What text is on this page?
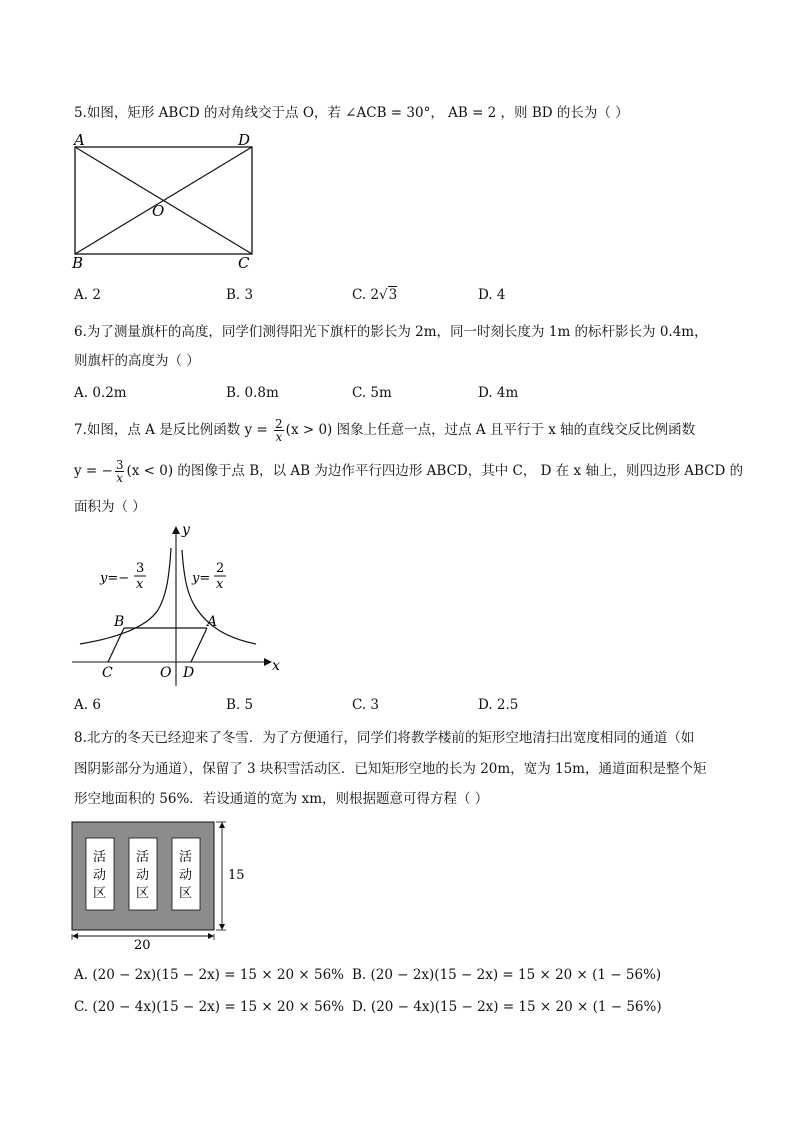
5.如图，矩形 ABCD 的对角线交于点 O，若 ∠ACB = 30°， AB = 2 ，则 BD 的长为（ ）
A	D
B	C
O
A. 2	B. 3	C. 2√3	D. 4
6.为了测量旗杆的高度，同学们测得阳光下旗杆的影长为 2m，同一时刻长度为 1m 的标杆影长为 0.4m，
则旗杆的高度为（ ）
A. 0.2m	B. 0.8m	C. 5m	D. 4m
7.如图，点 A 是反比例函数 $y = \frac{2}{x} (x > 0)$ 图象上任意一点，过点 A 且平行于 x 轴的直线交反比例函数
y = − $\frac{3}{x} (x < 0)$ 的图像于点 B，以 AB 为边作平行四边形 ABCD，其中 C， D 在 x 轴上，则四边形 ABCD 的
面积为（ ）
y
x
B	A
C	O D
y=−
3
x	y=
2
x
A. 6	B. 5	C. 3	D. 2.5
8.北方的冬天已经迎来了冬雪．为了方便通行，同学们将教学楼前的矩形空地清扫出宽度相同的通道（如
图阴影部分为通道），保留了 3 块积雪活动区．已知矩形空地的长为 20m，宽为 15m，通道面积是整个矩
形空地面积的 56%．若设通道的宽为 xm，则根据题意可得方程（ ）
活
动
区
活
动
区
活
动
区
20
15
A. (20 − 2x)(15 − 2x) = 15 × 20 × 56% B. (20 − 2x)(15 − 2x) = 15 × 20 × (1 − 56%)
C. (20 − 4x)(15 − 2x) = 15 × 20 × 56% D. (20 − 4x)(15 − 2x) = 15 × 20 × (1 − 56%)
